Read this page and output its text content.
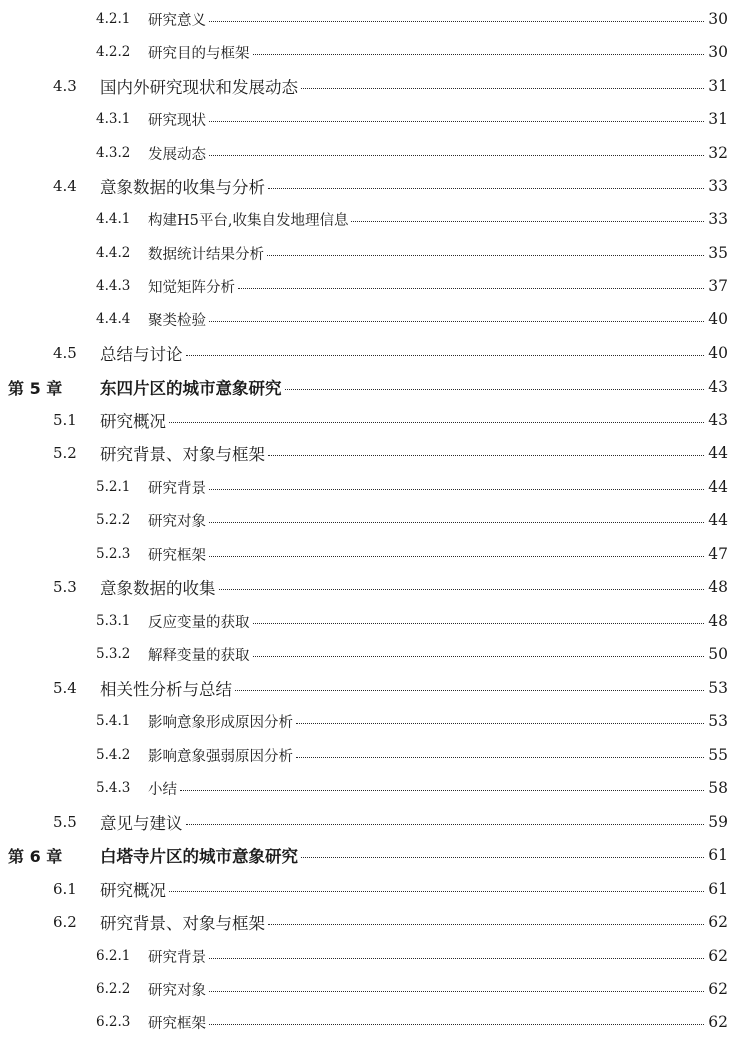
4.2.1	研究意义	30
4.2.2	研究目的与框架	30
4.3	国内外研究现状和发展动态	31
4.3.1	研究现状	31
4.3.2	发展动态	32
4.4	意象数据的收集与分析	33
4.4.1	构建H5平台,收集自发地理信息	33
4.4.2	数据统计结果分析	35
4.4.3	知觉矩阵分析	37
4.4.4	聚类检验	40
4.5	总结与讨论	40
第 5 章	东四片区的城市意象研究	43
5.1	研究概况	43
5.2	研究背景、对象与框架	44
5.2.1	研究背景	44
5.2.2	研究对象	44
5.2.3	研究框架	47
5.3	意象数据的收集	48
5.3.1	反应变量的获取	48
5.3.2	解释变量的获取	50
5.4	相关性分析与总结	53
5.4.1	影响意象形成原因分析	53
5.4.2	影响意象强弱原因分析	55
5.4.3	小结	58
5.5	意见与建议	59
第 6 章	白塔寺片区的城市意象研究	61
6.1	研究概况	61
6.2	研究背景、对象与框架	62
6.2.1	研究背景	62
6.2.2	研究对象	62
6.2.3	研究框架	62
